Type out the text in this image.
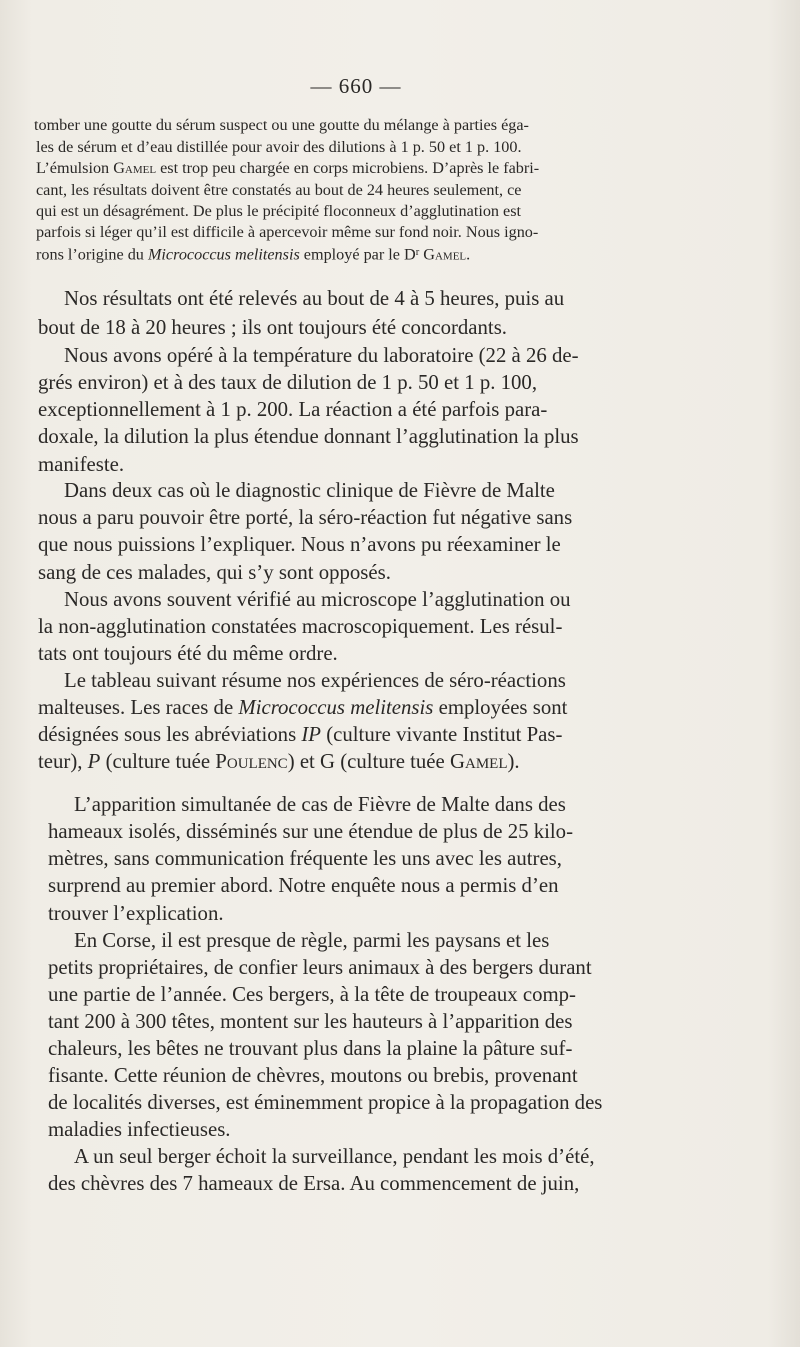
— 660 —
tomber une goutte du sérum suspect ou une goutte du mélange à parties éga-
les de sérum et d’eau distillée pour avoir des dilutions à 1 p. 50 et 1 p. 100.
L’émulsion Gamel est trop peu chargée en corps microbiens. D’après le fabri-
cant, les résultats doivent être constatés au bout de 24 heures seulement, ce
qui est un désagrément. De plus le précipité floconneux d’agglutination est
parfois si léger qu’il est difficile à apercevoir même sur fond noir. Nous igno-
rons l’origine du Micrococcus melitensis employé par le $D^r$ Gamel.
Nos résultats ont été relevés au bout de 4 à 5 heures, puis au
bout de 18 à 20 heures ; ils ont toujours été concordants.
Nous avons opéré à la température du laboratoire (22 à 26 de-
grés environ) et à des taux de dilution de 1 p. 50 et 1 p. 100,
exceptionnellement à 1 p. 200. La réaction a été parfois para-
doxale, la dilution la plus étendue donnant l’agglutination la plus
manifeste.
Dans deux cas où le diagnostic clinique de Fièvre de Malte
nous a paru pouvoir être porté, la séro-réaction fut négative sans
que nous puissions l’expliquer. Nous n’avons pu réexaminer le
sang de ces malades, qui s’y sont opposés.
Nous avons souvent vérifié au microscope l’agglutination ou
la non-agglutination constatées macroscopiquement. Les résul-
tats ont toujours été du même ordre.
Le tableau suivant résume nos expériences de séro-réactions
malteuses. Les races de Micrococcus melitensis employées sont
désignées sous les abréviations IP (culture vivante Institut Pas-
teur), P (culture tuée Poulenc) et G (culture tuée Gamel).
L’apparition simultanée de cas de Fièvre de Malte dans des
hameaux isolés, disséminés sur une étendue de plus de 25 kilo-
mètres, sans communication fréquente les uns avec les autres,
surprend au premier abord. Notre enquête nous a permis d’en
trouver l’explication.
En Corse, il est presque de règle, parmi les paysans et les
petits propriétaires, de confier leurs animaux à des bergers durant
une partie de l’année. Ces bergers, à la tête de troupeaux comp-
tant 200 à 300 têtes, montent sur les hauteurs à l’apparition des
chaleurs, les bêtes ne trouvant plus dans la plaine la pâture suf-
fisante. Cette réunion de chèvres, moutons ou brebis, provenant
de localités diverses, est éminemment propice à la propagation des
maladies infectieuses.
A un seul berger échoit la surveillance, pendant les mois d’été,
des chèvres des 7 hameaux de Ersa. Au commencement de juin,
